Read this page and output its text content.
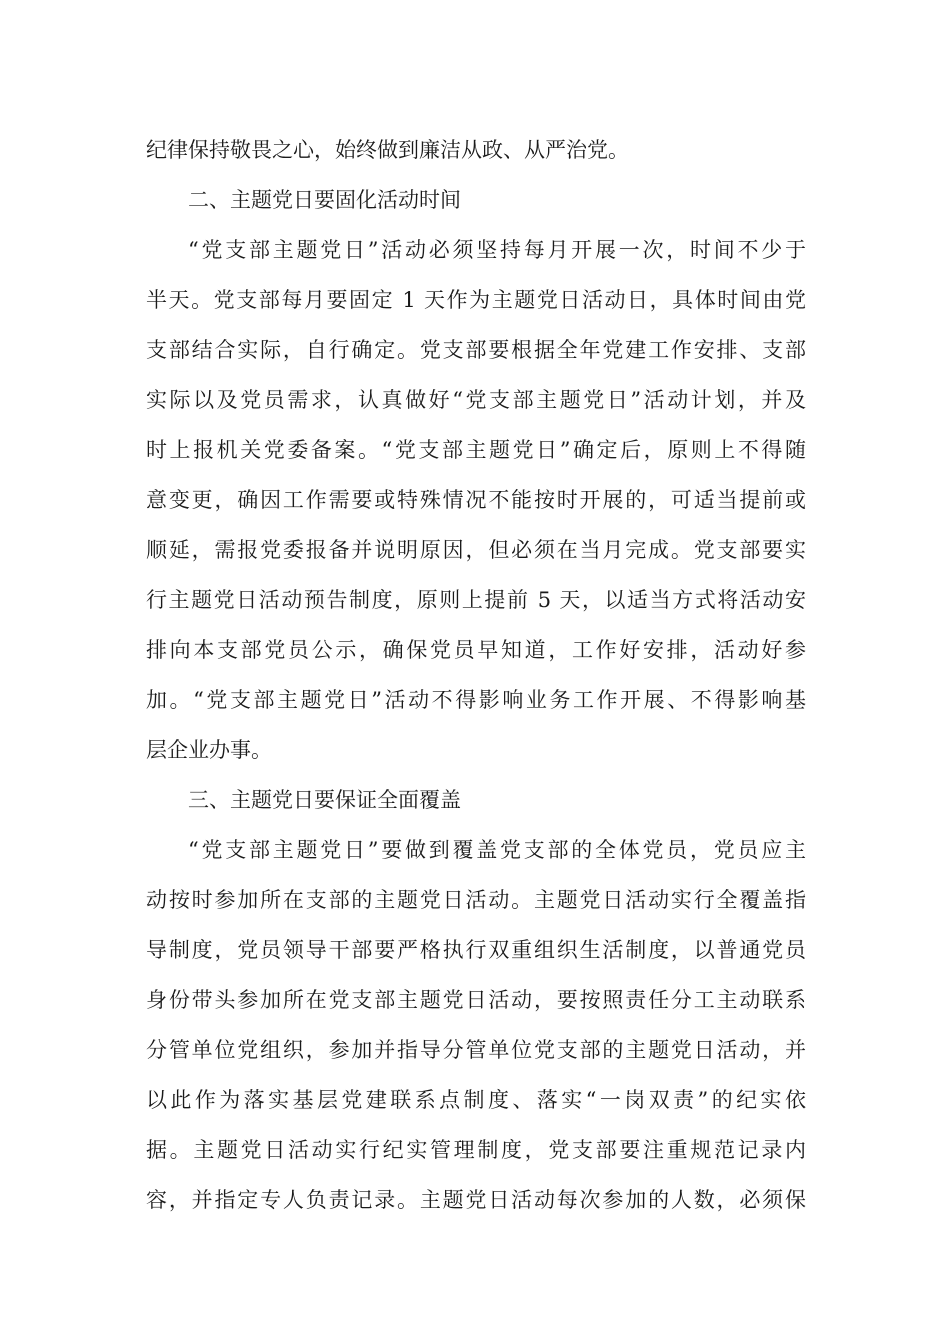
纪律保持敬畏之心，始终做到廉洁从政、从严治党。
二、主题党日要固化活动时间
“党支部主题党日”活动必须坚持每月开展一次，时间不少于
半天。党支部每月要固定 1 天作为主题党日活动日，具体时间由党
支部结合实际，自行确定。党支部要根据全年党建工作安排、支部
实际以及党员需求，认真做好“党支部主题党日”活动计划，并及
时上报机关党委备案。“党支部主题党日”确定后，原则上不得随
意变更，确因工作需要或特殊情况不能按时开展的，可适当提前或
顺延，需报党委报备并说明原因，但必须在当月完成。党支部要实
行主题党日活动预告制度，原则上提前 5 天，以适当方式将活动安
排向本支部党员公示，确保党员早知道，工作好安排，活动好参
加。“党支部主题党日”活动不得影响业务工作开展、不得影响基
层企业办事。
三、主题党日要保证全面覆盖
“党支部主题党日”要做到覆盖党支部的全体党员，党员应主
动按时参加所在支部的主题党日活动。主题党日活动实行全覆盖指
导制度，党员领导干部要严格执行双重组织生活制度，以普通党员
身份带头参加所在党支部主题党日活动，要按照责任分工主动联系
分管单位党组织，参加并指导分管单位党支部的主题党日活动，并
以此作为落实基层党建联系点制度、落实“一岗双责”的纪实依
据。主题党日活动实行纪实管理制度，党支部要注重规范记录内
容，并指定专人负责记录。主题党日活动每次参加的人数，必须保
